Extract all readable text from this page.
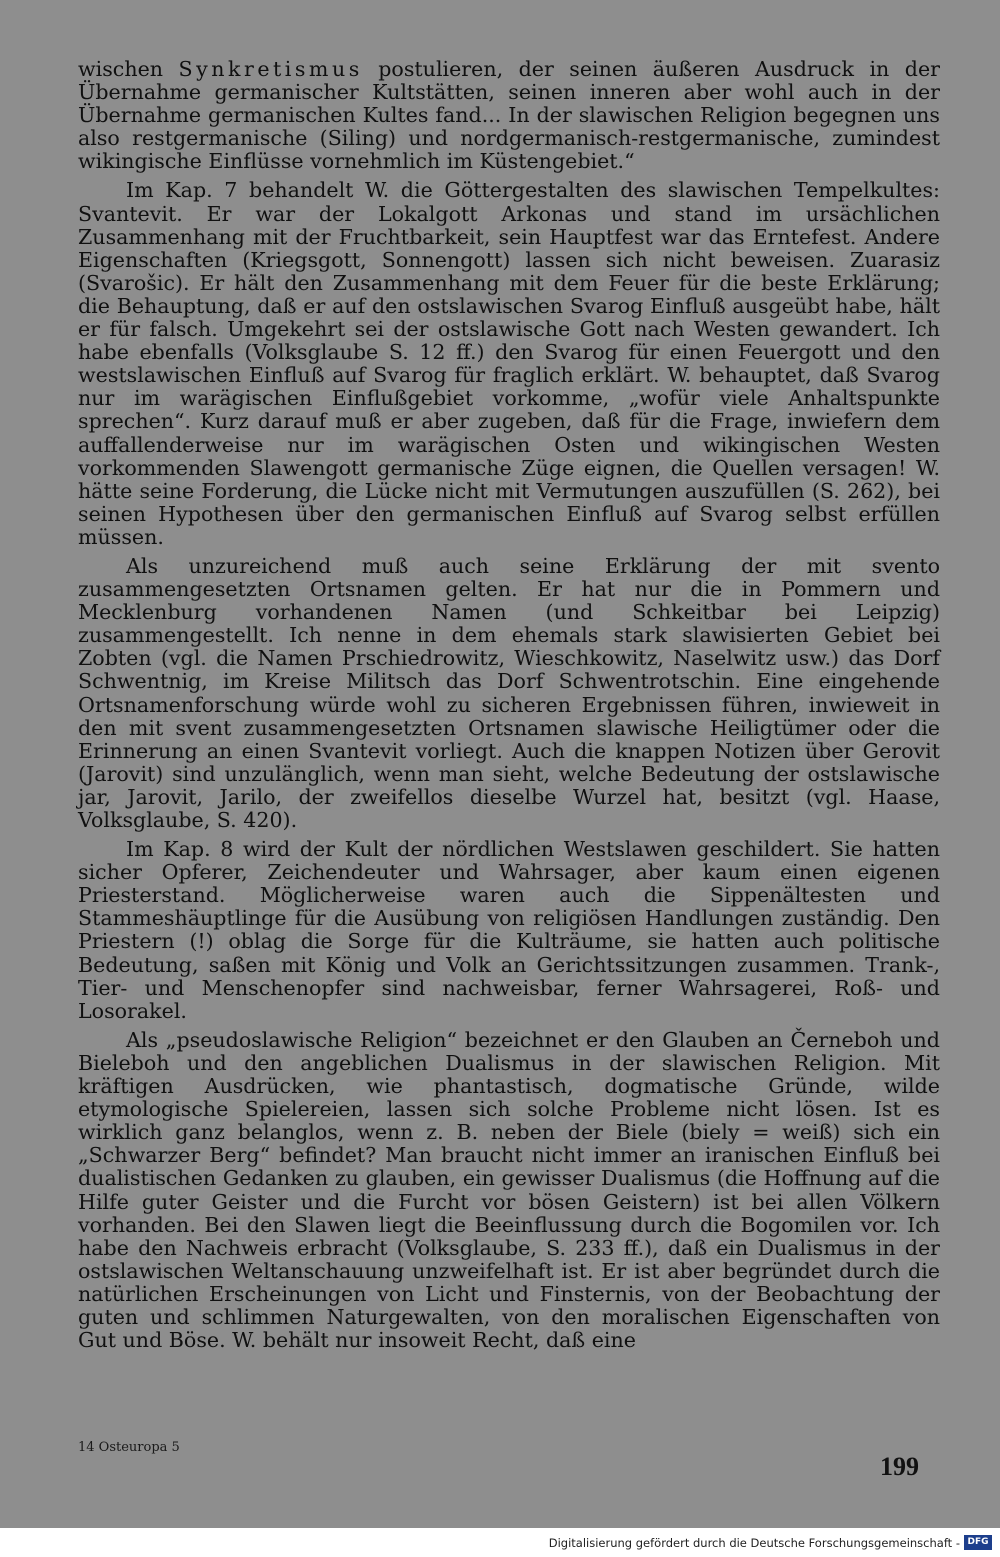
wischen Synkretismus postulieren, der seinen äußeren Ausdruck in der Übernahme germanischer Kultstätten, seinen inneren aber wohl auch in der Übernahme germanischen Kultes fand... In der slawischen Religion begegnen uns also restgermanische (Siling) und nordgermanisch-restgermanische, zumindest wikingische Einflüsse vornehmlich im Küstengebiet.“

Im Kap. 7 behandelt W. die Göttergestalten des slawischen Tempelkultes: Svantevit. Er war der Lokalgott Arkonas und stand im ursächlichen Zusammenhang mit der Fruchtbarkeit, sein Hauptfest war das Erntefest. Andere Eigenschaften (Kriegsgott, Sonnengott) lassen sich nicht beweisen. Zuarasiz (Svarošic). Er hält den Zusammenhang mit dem Feuer für die beste Erklärung; die Behauptung, daß er auf den ostslawischen Svarog Einfluß ausgeübt habe, hält er für falsch. Umgekehrt sei der ostslawische Gott nach Westen gewandert. Ich habe ebenfalls (Volksglaube S. 12 ff.) den Svarog für einen Feuergott und den westslawischen Einfluß auf Svarog für fraglich erklärt. W. behauptet, daß Svarog nur im warägischen Einflußgebiet vorkomme, „wofür viele Anhaltspunkte sprechen“. Kurz darauf muß er aber zugeben, daß für die Frage, inwiefern dem auffallenderweise nur im warägischen Osten und wikingischen Westen vorkommenden Slawengott germanische Züge eignen, die Quellen versagen! W. hätte seine Forderung, die Lücke nicht mit Vermutungen auszufüllen (S. 262), bei seinen Hypothesen über den germanischen Einfluß auf Svarog selbst erfüllen müssen.

Als unzureichend muß auch seine Erklärung der mit svento zusammengesetzten Ortsnamen gelten. Er hat nur die in Pommern und Mecklenburg vorhandenen Namen (und Schkeitbar bei Leipzig) zusammengestellt. Ich nenne in dem ehemals stark slawisierten Gebiet bei Zobten (vgl. die Namen Prschiedrowitz, Wieschkowitz, Naselwitz usw.) das Dorf Schwentnig, im Kreise Militsch das Dorf Schwentrotschin. Eine eingehende Ortsnamenforschung würde wohl zu sicheren Ergebnissen führen, inwieweit in den mit svent zusammengesetzten Ortsnamen slawische Heiligtümer oder die Erinnerung an einen Svantevit vorliegt. Auch die knappen Notizen über Gerovit (Jarovit) sind unzulänglich, wenn man sieht, welche Bedeutung der ostslawische jar, Jarovit, Jarilo, der zweifellos dieselbe Wurzel hat, besitzt (vgl. Haase, Volksglaube, S. 420).

Im Kap. 8 wird der Kult der nördlichen Westslawen geschildert. Sie hatten sicher Opferer, Zeichendeuter und Wahrsager, aber kaum einen eigenen Priesterstand. Möglicherweise waren auch die Sippenältesten und Stammeshäuptlinge für die Ausübung von religiösen Handlungen zuständig. Den Priestern (!) oblag die Sorge für die Kulträume, sie hatten auch politische Bedeutung, saßen mit König und Volk an Gerichtssitzungen zusammen. Trank-, Tier- und Menschenopfer sind nachweisbar, ferner Wahrsagerei, Roß- und Losorakel.

Als „pseudoslawische Religion“ bezeichnet er den Glauben an Černeboh und Bieleboh und den angeblichen Dualismus in der slawischen Religion. Mit kräftigen Ausdrücken, wie phantastisch, dogmatische Gründe, wilde etymologische Spielereien, lassen sich solche Probleme nicht lösen. Ist es wirklich ganz belanglos, wenn z. B. neben der Biele (biely = weiß) sich ein „Schwarzer Berg“ befindet? Man braucht nicht immer an iranischen Einfluß bei dualistischen Gedanken zu glauben, ein gewisser Dualismus (die Hoffnung auf die Hilfe guter Geister und die Furcht vor bösen Geistern) ist bei allen Völkern vorhanden. Bei den Slawen liegt die Beeinflussung durch die Bogomilen vor. Ich habe den Nachweis erbracht (Volksglaube, S. 233 ff.), daß ein Dualismus in der ostslawischen Weltanschauung unzweifelhaft ist. Er ist aber begründet durch die natürlichen Erscheinungen von Licht und Finsternis, von der Beobachtung der guten und schlimmen Naturgewalten, von den moralischen Eigenschaften von Gut und Böse. W. behält nur insoweit Recht, daß eine

14 Osteuropa 5
199
Digitalisierung gefördert durch die Deutsche Forschungsgemeinschaft - DFG
